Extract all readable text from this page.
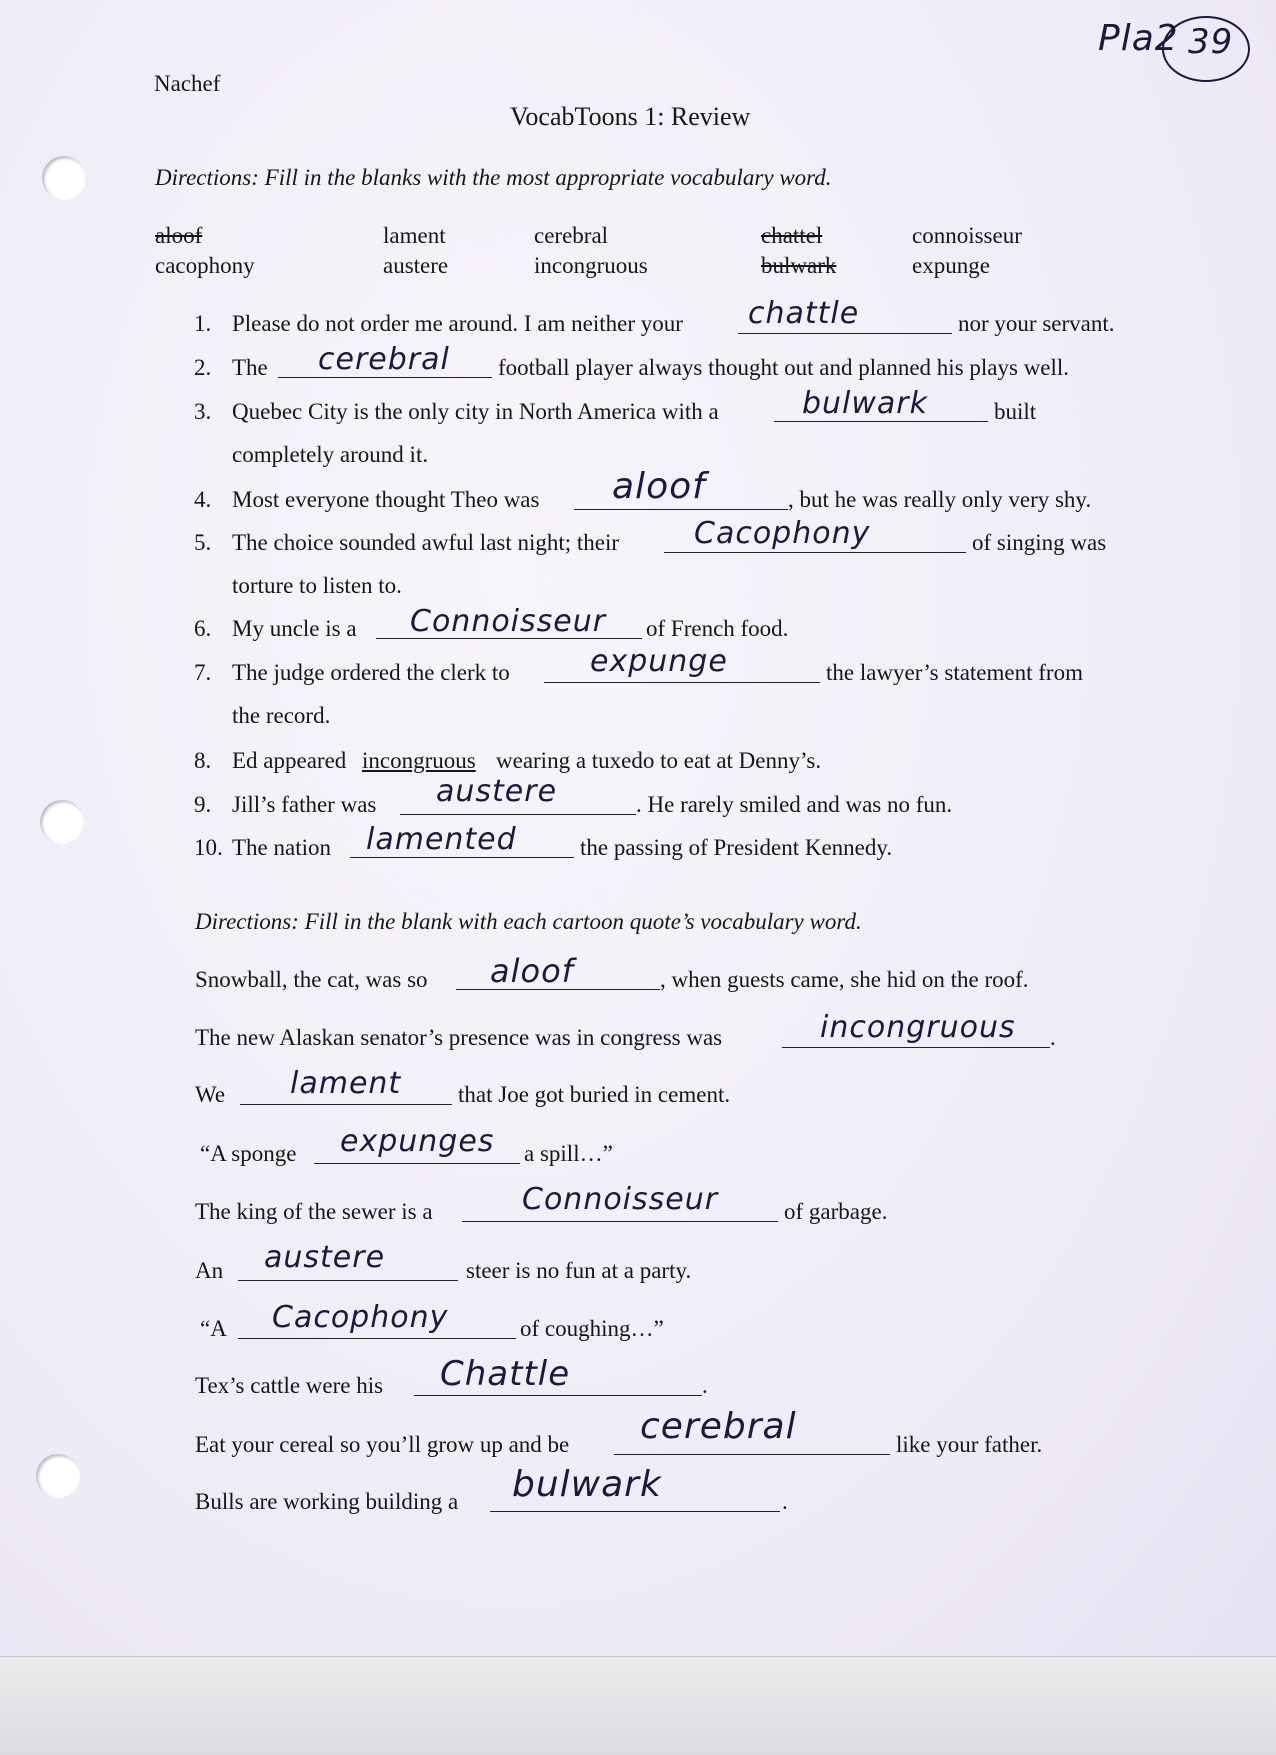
Pla2 39
Nachef
VocabToons 1: Review
Directions: Fill in the blanks with the most appropriate vocabulary word.
aloof	lament	cerebral	chattel	connoisseur
cacophony	austere	incongruous	bulwark	expunge
1. Please do not order me around. I am neither your chattle	nor your servant.
2. The cerebral football player always thought out and planned his plays well.
3. Quebec City is the only city in North America with a	bulwark	built
completely around it.
4. Most everyone thought Theo was aloof	, but he was really only very shy.
5. The choice sounded awful last night; their Cacophony	of singing was
torture to listen to.
6. My uncle is a Connoisseur of French food.
7. The judge ordered the clerk to	expunge	the lawyer’s statement from
the record.
8. Ed appeared incongruous wearing a tuxedo to eat at Denny’s.
9. Jill’s father was austere	. He rarely smiled and was no fun.
10. The nation lamented	the passing of President Kennedy.
Directions: Fill in the blank with each cartoon quote’s vocabulary word.
Snowball, the cat, was so aloof	, when guests came, she hid on the roof.
The new Alaskan senator’s presence was in congress was	incongruous .
We lament that Joe got buried in cement.
“A sponge expunges a spill…”
The king of the sewer is a	Connoisseur	of garbage.
An austere	steer is no fun at a party.
“A Cacophony	of coughing…”
Tex’s cattle were his Chattle	.
Eat your cereal so you’ll grow up and be cerebral	like your father.
Bulls are working building a bulwark	.
